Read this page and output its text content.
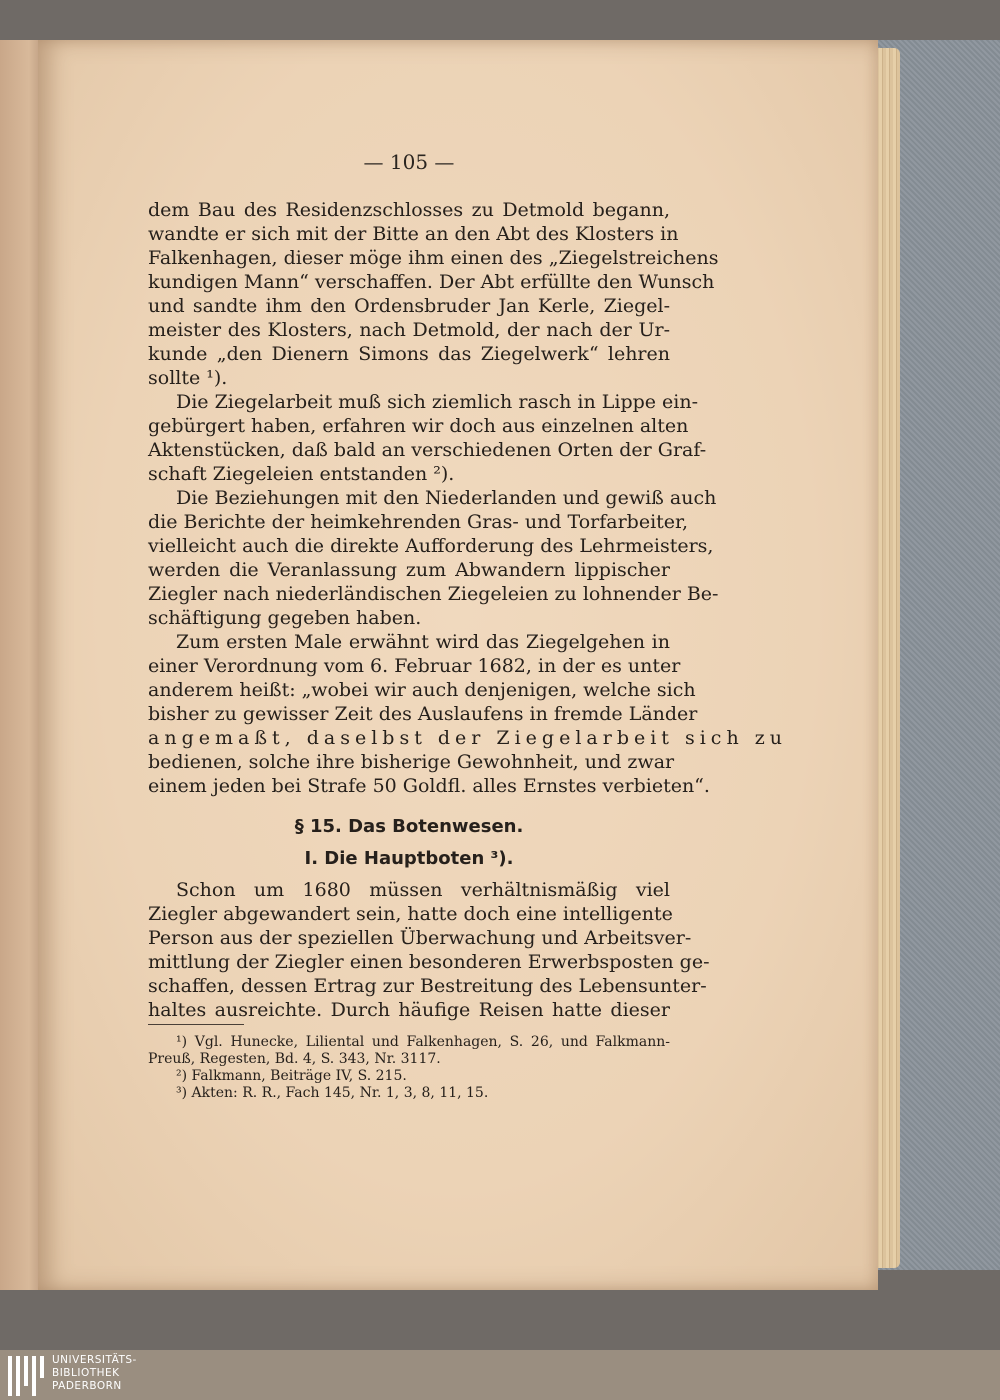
— 105 —
dem Bau des Residenzschlosses zu Detmold begann,
wandte er sich mit der Bitte an den Abt des Klosters in
Falkenhagen, dieser möge ihm einen des „Ziegelstreichens
kundigen Mann“ verschaffen. Der Abt erfüllte den Wunsch
und sandte ihm den Ordensbruder Jan Kerle, Ziegel-
meister des Klosters, nach Detmold, der nach der Ur-
kunde „den Dienern Simons das Ziegelwerk“ lehren
sollte ¹).
Die Ziegelarbeit muß sich ziemlich rasch in Lippe ein-
gebürgert haben, erfahren wir doch aus einzelnen alten
Aktenstücken, daß bald an verschiedenen Orten der Graf-
schaft Ziegeleien entstanden ²).
Die Beziehungen mit den Niederlanden und gewiß auch
die Berichte der heimkehrenden Gras- und Torfarbeiter,
vielleicht auch die direkte Aufforderung des Lehrmeisters,
werden die Veranlassung zum Abwandern lippischer
Ziegler nach niederländischen Ziegeleien zu lohnender Be-
schäftigung gegeben haben.
Zum ersten Male erwähnt wird das Ziegelgehen in
einer Verordnung vom 6. Februar 1682, in der es unter
anderem heißt: „wobei wir auch denjenigen, welche sich
bisher zu gewisser Zeit des Auslaufens in fremde Länder
angemaßt, daselbst der Ziegelarbeit sich zu
bedienen, solche ihre bisherige Gewohnheit, und zwar
einem jeden bei Strafe 50 Goldfl. alles Ernstes verbieten“.
§ 15. Das Botenwesen.
I. Die Hauptboten ³).
Schon um 1680 müssen verhältnismäßig viel
Ziegler abgewandert sein, hatte doch eine intelligente
Person aus der speziellen Überwachung und Arbeitsver-
mittlung der Ziegler einen besonderen Erwerbsposten ge-
schaffen, dessen Ertrag zur Bestreitung des Lebensunter-
haltes ausreichte. Durch häufige Reisen hatte dieser
¹) Vgl. Hunecke, Liliental und Falkenhagen, S. 26, und Falkmann-
Preuß, Regesten, Bd. 4, S. 343, Nr. 3117.
²) Falkmann, Beiträge IV, S. 215.
³) Akten: R. R., Fach 145, Nr. 1, 3, 8, 11, 15.
UNIVERSITÄTS-
BIBLIOTHEK
PADERBORN
